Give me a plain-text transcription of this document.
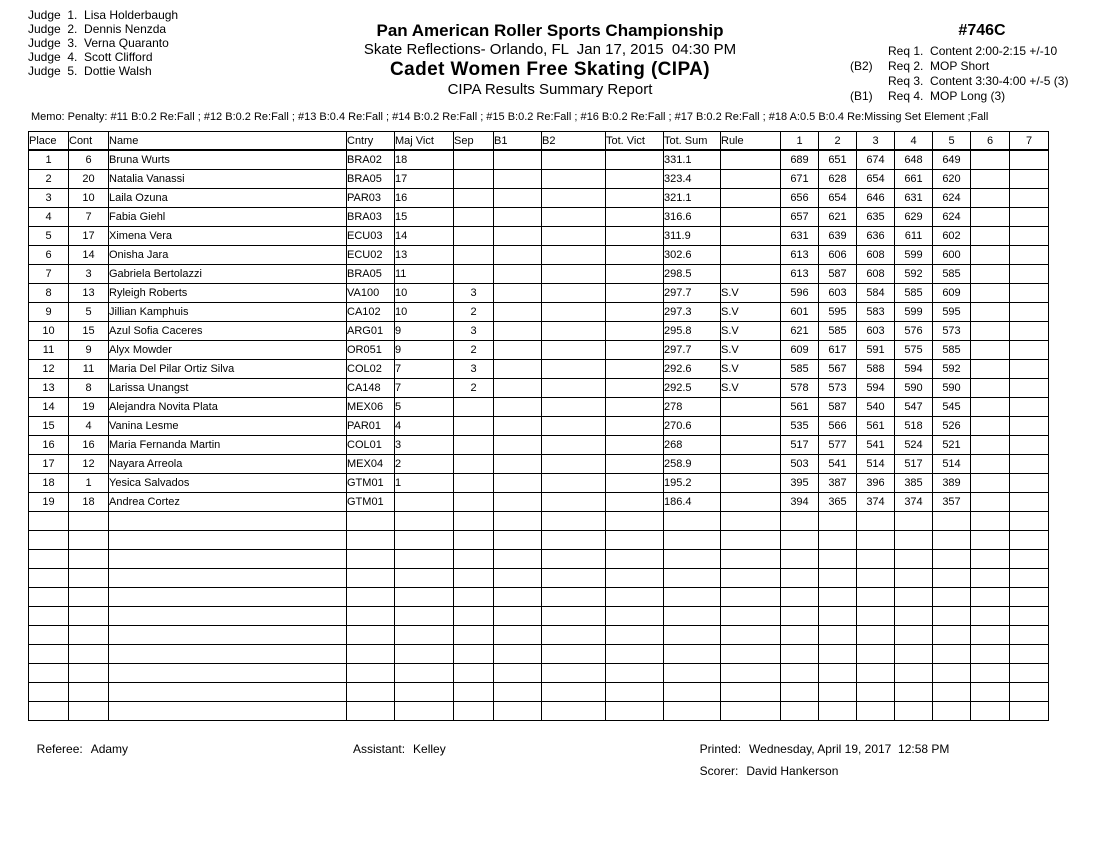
Judge  1.  Lisa Holderbaugh
Judge  2.  Dennis Nenzda
Judge  3.  Verna Quaranto
Judge  4.  Scott Clifford
Judge  5.  Dottie Walsh
Pan American Roller Sports Championship
Skate Reflections- Orlando, FL  Jan 17, 2015  04:30 PM
Cadet Women Free Skating (CIPA)
CIPA Results Summary Report
#746C
Req 1.  Content 2:00-2:15 +/-10
(B2)	Req 2.  MOP Short
Req 3.  Content 3:30-4:00 +/-5 (3)
(B1)	Req 4.  MOP Long (3)
Memo: Penalty: #11 B:0.2 Re:Fall ; #12 B:0.2 Re:Fall ; #13 B:0.4 Re:Fall ; #14 B:0.2 Re:Fall ; #15 B:0.2 Re:Fall ; #16 B:0.2 Re:Fall ; #17 B:0.2 Re:Fall ; #18 A:0.5 B:0.4 Re:Missing Set Element ;Fall
Place	Cont	Name	Cntry	Maj Vict	Sep	B1	B2	Tot. Vict	Tot. Sum	Rule	1	2	3	4	5	6	7
1	6	Bruna Wurts	BRA02	18					331.1		689	651	674	648	649		
2	20	Natalia Vanassi	BRA05	17					323.4		671	628	654	661	620		
3	10	Laila Ozuna	PAR03	16					321.1		656	654	646	631	624		
4	7	Fabia Giehl	BRA03	15					316.6		657	621	635	629	624		
5	17	Ximena Vera	ECU03	14					311.9		631	639	636	611	602		
6	14	Onisha Jara	ECU02	13					302.6		613	606	608	599	600		
7	3	Gabriela Bertolazzi	BRA05	11					298.5		613	587	608	592	585		
8	13	Ryleigh Roberts	VA100	10	3				297.7	S.V	596	603	584	585	609		
9	5	Jillian Kamphuis	CA102	10	2				297.3	S.V	601	595	583	599	595		
10	15	Azul Sofia Caceres	ARG01	9	3				295.8	S.V	621	585	603	576	573		
11	9	Alyx Mowder	OR051	9	2				297.7	S.V	609	617	591	575	585		
12	11	Maria Del Pilar Ortiz Silva	COL02	7	3				292.6	S.V	585	567	588	594	592		
13	8	Larissa Unangst	CA148	7	2				292.5	S.V	578	573	594	590	590		
14	19	Alejandra Novita Plata	MEX06	5					278		561	587	540	547	545		
15	4	Vanina Lesme	PAR01	4					270.6		535	566	561	518	526		
16	16	Maria Fernanda Martin	COL01	3					268		517	577	541	524	521		
17	12	Nayara Arreola	MEX04	2					258.9		503	541	514	517	514		
18	1	Yesica Salvados	GTM01	1					195.2		395	387	396	385	389		
19	18	Andrea Cortez	GTM01						186.4		394	365	374	374	357		

Referee: Adamy	Assistant: Kelley	Printed: Wednesday, April 19, 2017  12:58 PM

Scorer: David Hankerson
